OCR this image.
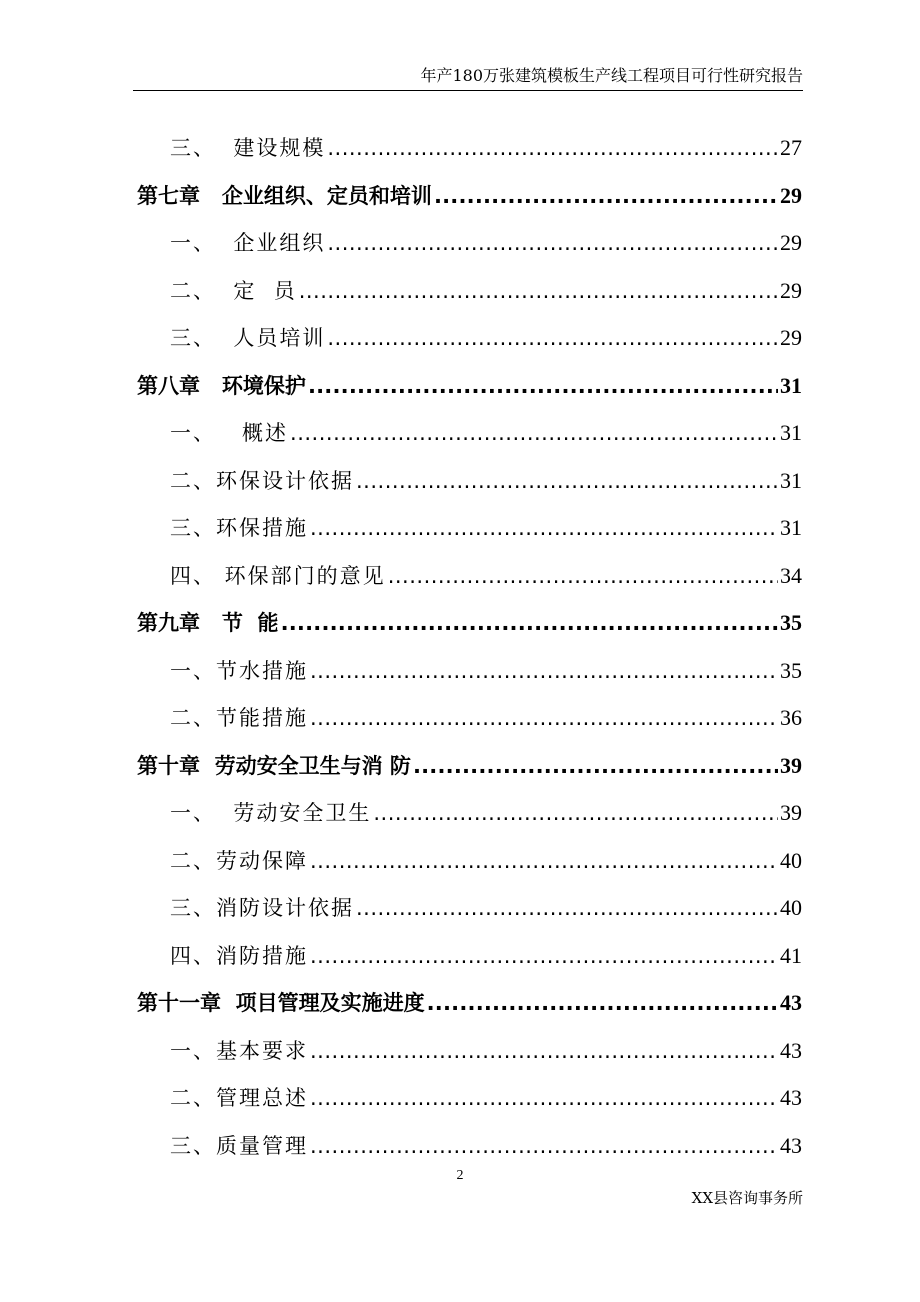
年产180万张建筑模板生产线工程项目可行性研究报告
三、  建设规模 .....	27
第七章   企业组织、定员和培训 .....	29
一、  企业组织 .....	29
二、  定  员 .....	29
三、  人员培训 .....	29
第八章   环境保护 .....	31
一、   概述 .....	31
二、环保设计依据 .....	31
三、环保措施 .....	31
四、 环保部门的意见 .....	34
第九章   节  能 .....	35
一、节水措施 .....	35
二、节能措施 .....	36
第十章  劳动安全卫生与消 防 .....	39
一、  劳动安全卫生 .....	39
二、劳动保障 .....	40
三、消防设计依据 .....	40
四、消防措施 .....	41
第十一章  项目管理及实施进度 .....	43
一、基本要求 .....	43
二、管理总述 .....	43
三、质量管理 .....	43
2
XX县咨询事务所
